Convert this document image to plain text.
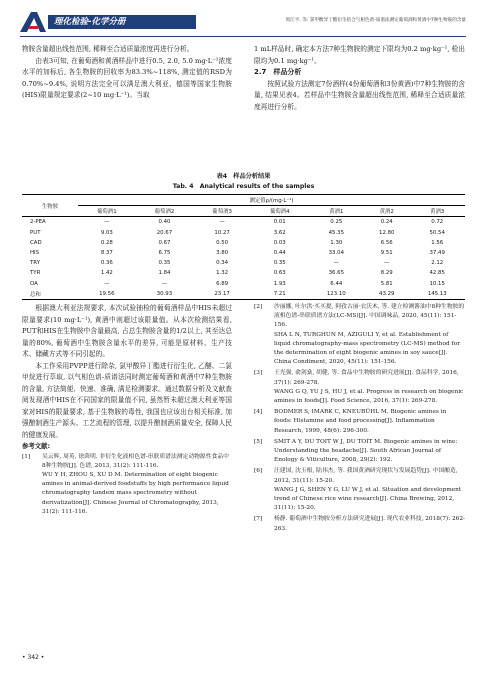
理化检验-化学分册	周江平, 等: 氯甲酸异丁酯衍生结合气相色谱-质谱法测定葡萄酒和黄酒中7种生物胺的含量

物胺含量超出线性范围, 稀释至合适质量浓度再进行分析。

由表3可知, 在葡萄酒和黄酒样品中进行0.5, 2.0, 5.0 mg·L⁻¹浓度水平的加标后, 各生物胺的回收率为83.3%~118%, 测定值的RSD为0.70%~9.4%, 说明方法完全可以满足澳大利亚、德国等国家生物胺(HIS)限量规定要求(2~10 mg·L⁻¹)。当取

1 mL样品时, 确定本方法7种生物胺的测定下限均为0.2 mg·kg⁻¹, 检出限均为0.1 mg·kg⁻¹。

2.7　样品分析

按照试验方法测定7份酒样(4份葡萄酒和3份黄酒)中7种生物胺的含量, 结果见表4。若样品中生物胺含量超出线性范围, 稀释至合适质量浓度再进行分析。

表4　样品分析结果
Tab. 4　Analytical results of the samples
生物胺	测定值ρ/(mg·L⁻¹)						
	葡萄酒1	葡萄酒2	葡萄酒3	葡萄酒4	黄酒1	黄酒2	黄酒3
2-PEA	—	0.40	—	0.01	0.25	0.24	0.72
PUT	9.03	20.67	10.27	3.62	45.35	12.80	50.54
CAD	0.28	0.67	0.50	0.03	1.30	6.56	1.56
HIS	8.37	6.75	3.80	0.44	33.04	9.51	37.49
TRY	0.36	0.35	0.34	0.35	—	—	2.12
TYR	1.42	1.84	1.32	0.63	36.65	8.29	42.85
OA	—	—	6.89	1.93	6.44	5.81	10.15
总和	19.56	30.93	23.17	7.21	123.10	43.29	145.13

根据澳大利亚法规要求, 本次试验抽检的葡萄酒样品中HIS未超过限量要求(10 mg·L⁻¹), 黄酒中则超过该限量值。从本次检测结果看, PUT和HIS在生物胺中含量最高, 占总生物胺含量的1/2以上, 其至达总量的80%, 葡萄酒中生物胺含量水平的差异, 可能是原材料、生产技术、储藏方式等不同引起的。

本工作采用PVPP进行除杂, 氯甲酸异丁酯进行衍生化, 乙醚、二氯甲烷进行萃取, 以气相色谱-质谱法同时测定葡萄酒和黄酒中7种生物胺的含量, 方法简便、快速、准确, 满足检测要求。通过数据分析及文献查阅发现酒中HIS在不同国家的限量值不同, 虽然暂未超过澳大利亚等国家对HIS的限量要求, 基于生物胺的毒性, 我国也应该出台相关标准, 加强酿制酒生产源头、工艺流程的管理, 以提升酿制酒质量安全, 保障人民的健康发展。

参考文献:

[1] 吴云辉, 周英, 徐茵明. 非衍生化液相色谱-串联质谱法测定动物源性食品中8种生物胺[J]. 色谱, 2013, 31(2): 111-116.
WU Y H, ZHOU S, XU D M. Determination of eight biogenic amines in animal-derived foodstuffs by high performance liquid chromatography tandem mass spectrometry without derivatization[J]. Chinese Journal of Chromatography, 2013, 31(2): 111-116.
[2] 沙丽娜, 吐尔洪·买买提, 阿孜古丽·衣沃木, 等. 建立检测酱油中8种生物胺的液相色谱-串联质谱方法(LC-MS)[J]. 中国调味品, 2020, 45(11): 151-156.
SHA L N, TURGHUN M, AZIGULI Y, et al. Establishment of liquid chromatography-mass spectrometry (LC-MS) method for the determination of eight biogenic amines in soy sauce[J]. China Condiment, 2020, 45(11): 151-156.
[3] 王光强, 俞剑燊, 胡健, 等. 食品中生物胺的研究进展[J]. 食品科学, 2016, 37(1): 269-278.
WANG G Q, YU J S, HU J, et al. Progress in research on biogenic amines in foods[J]. Food Science, 2016, 37(1): 269-278.
[4] BODMER S, IMARK C, KNEUBÜHL M. Biogenic amines in foods: Histamine and food processing[J]. Inflammation Research, 1999, 48(6): 296-300.
[5] SMIT A Y, DU TOIT W J, DU TOIT M. Biogenic amines in wine: Understanding the headache[J]. South African Journal of Enology & Viticulture, 2008, 29(2): 192.
[6] 汪建国, 沈玉根, 陆伟杰, 等. 我国黄酒研究现状与发展趋势[J]. 中国酿造, 2012, 31(11): 15-20.
WANG J G, SHEN Y G, LU W J, et al. Situation and development trend of Chinese rice wine research[J]. China Brewing, 2012, 31(11): 15-20.
[7] 杨静. 葡萄酒中生物胺分析方法研究进展[J]. 现代农业科技, 2018(7): 262-263.
• 342 •
